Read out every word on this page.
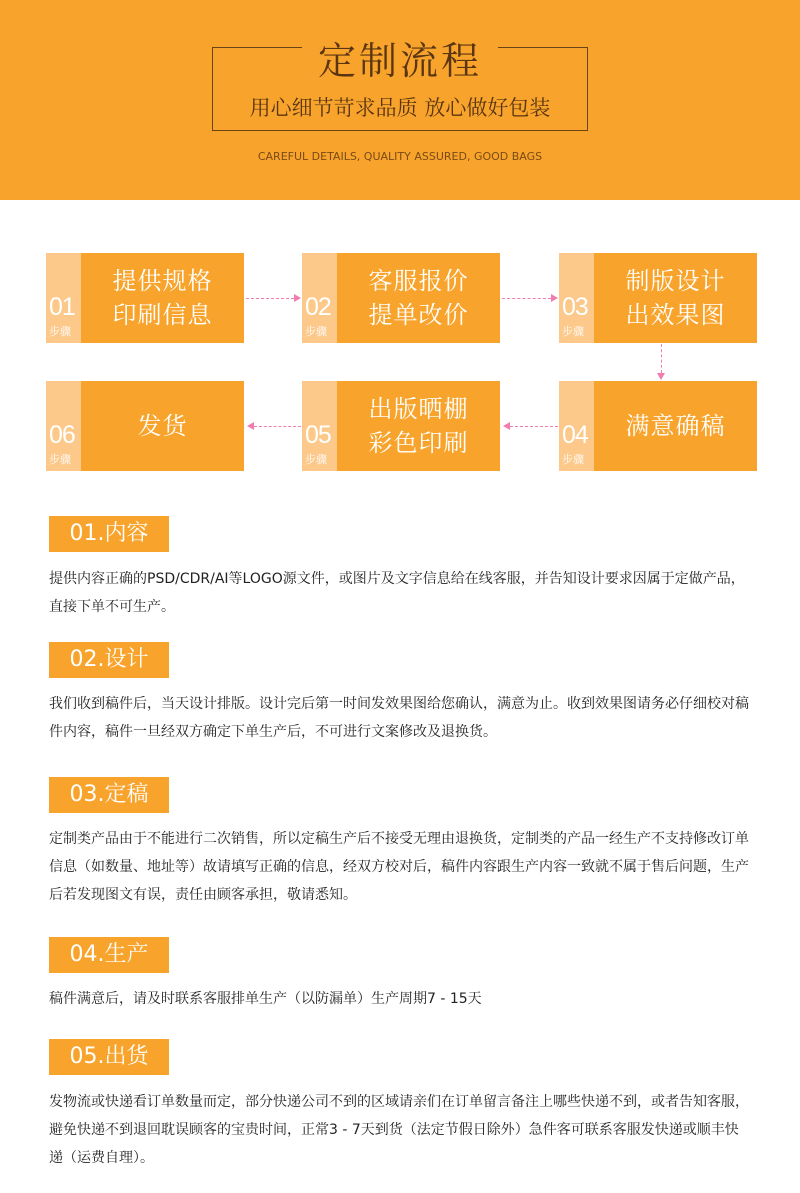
定制流程
用心细节苛求品质 放心做好包装
CAREFUL DETAILS, QUALITY ASSURED, GOOD BAGS
01
步骤
提供规格
印刷信息	02
步骤
客服报价
提单改价	03
步骤
制版设计
出效果图
04
步骤
满意确稿
05
步骤
出版晒棚
彩色印刷
06
步骤
发货
01.内容

提供内容正确的PSD/CDR/AI等LOGO源文件，或图片及文字信息给在线客服，并告知设计要求因属于定做产品，直接下单不可生产。

02.设计

我们收到稿件后，当天设计排版。设计完后第一时间发效果图给您确认，满意为止。收到效果图请务必仔细校对稿件内容，稿件一旦经双方确定下单生产后，不可进行文案修改及退换货。

03.定稿

定制类产品由于不能进行二次销售，所以定稿生产后不接受无理由退换货，定制类的产品一经生产不支持修改订单信息（如数量、地址等）故请填写正确的信息，经双方校对后，稿件内容跟生产内容一致就不属于售后问题，生产后若发现图文有误，责任由顾客承担，敬请悉知。

04.生产

稿件满意后，请及时联系客服排单生产（以防漏单）生产周期7 - 15天

05.出货

发物流或快递看订单数量而定，部分快递公司不到的区域请亲们在订单留言备注上哪些快递不到，或者告知客服，避免快递不到退回耽误顾客的宝贵时间，正常3 - 7天到货（法定节假日除外）急件客可联系客服发快递或顺丰快递（运费自理）。
